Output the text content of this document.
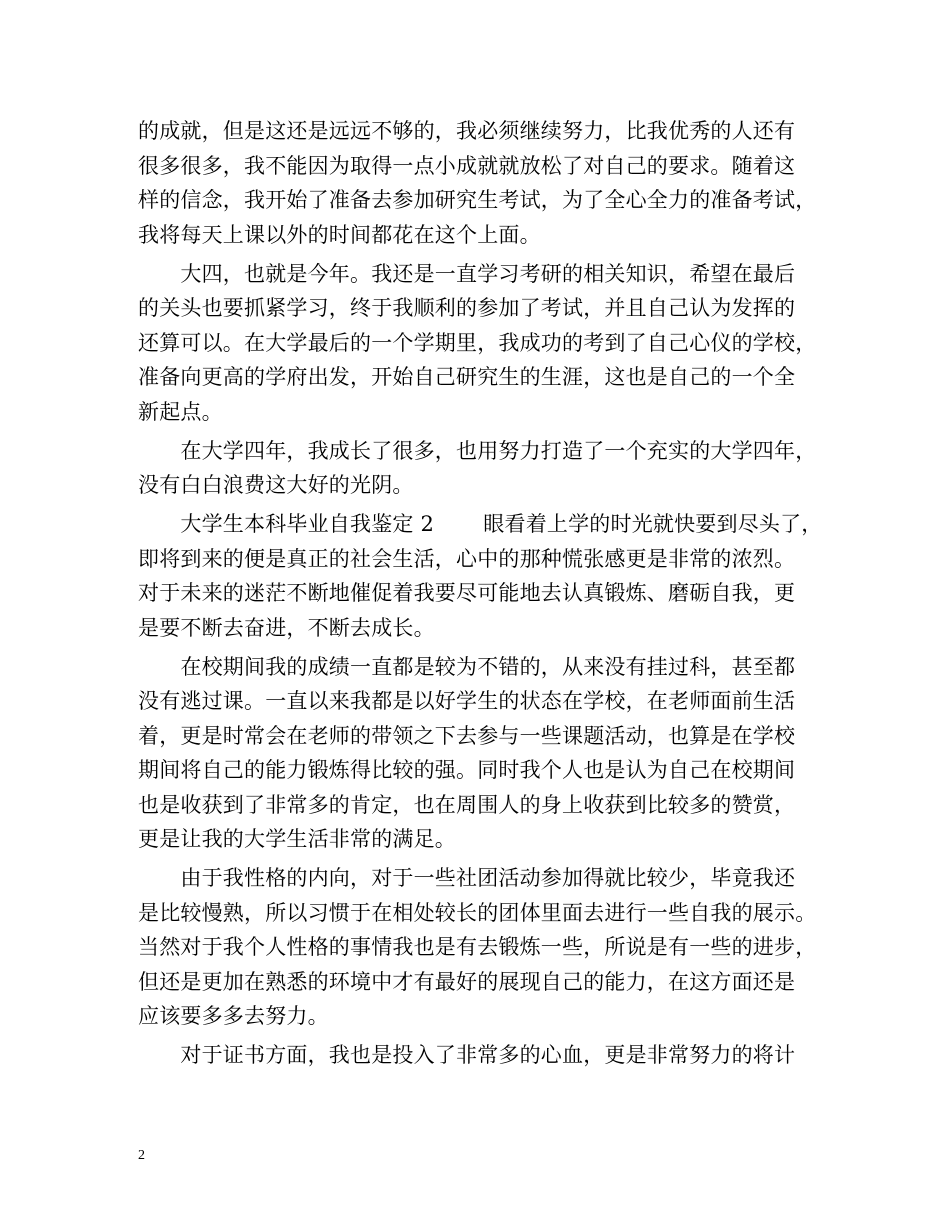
的成就，但是这还是远远不够的，我必须继续努力，比我优秀的人还有
很多很多，我不能因为取得一点小成就就放松了对自己的要求。随着这
样的信念，我开始了准备去参加研究生考试，为了全心全力的准备考试，
我将每天上课以外的时间都花在这个上面。
　　大四，也就是今年。我还是一直学习考研的相关知识，希望在最后
的关头也要抓紧学习，终于我顺利的参加了考试，并且自己认为发挥的
还算可以。在大学最后的一个学期里，我成功的考到了自己心仪的学校，
准备向更高的学府出发，开始自己研究生的生涯，这也是自己的一个全
新起点。
　　在大学四年，我成长了很多，也用努力打造了一个充实的大学四年，
没有白白浪费这大好的光阴。
　　大学生本科毕业自我鉴定 2　　 眼看着上学的时光就快要到尽头了，
即将到来的便是真正的社会生活，心中的那种慌张感更是非常的浓烈。
对于未来的迷茫不断地催促着我要尽可能地去认真锻炼、磨砺自我，更
是要不断去奋进，不断去成长。
　　在校期间我的成绩一直都是较为不错的，从来没有挂过科，甚至都
没有逃过课。一直以来我都是以好学生的状态在学校，在老师面前生活
着，更是时常会在老师的带领之下去参与一些课题活动，也算是在学校
期间将自己的能力锻炼得比较的强。同时我个人也是认为自己在校期间
也是收获到了非常多的肯定，也在周围人的身上收获到比较多的赞赏，
更是让我的大学生活非常的满足。
　　由于我性格的内向，对于一些社团活动参加得就比较少，毕竟我还
是比较慢熟，所以习惯于在相处较长的团体里面去进行一些自我的展示。
当然对于我个人性格的事情我也是有去锻炼一些，所说是有一些的进步，
但还是更加在熟悉的环境中才有最好的展现自己的能力，在这方面还是
应该要多多去努力。
　　对于证书方面，我也是投入了非常多的心血，更是非常努力的将计
2
